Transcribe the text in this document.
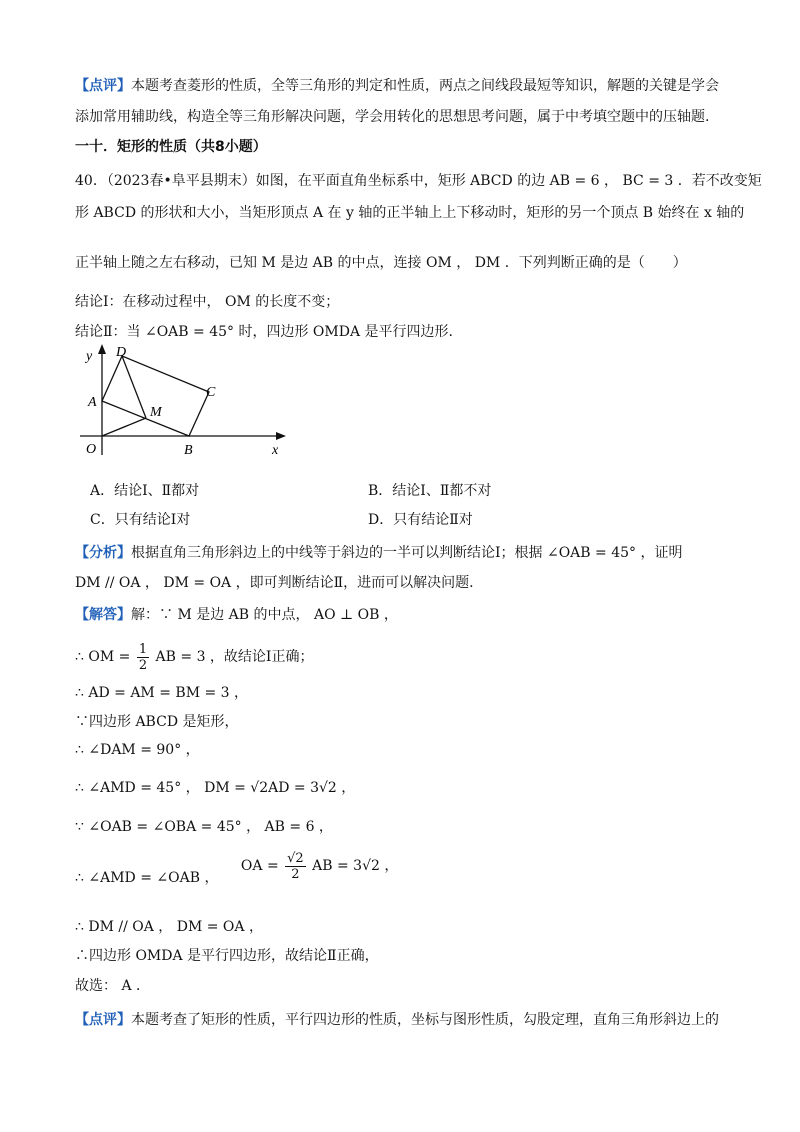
【点评】本题考查菱形的性质，全等三角形的判定和性质，两点之间线段最短等知识，解题的关键是学会
添加常用辅助线，构造全等三角形解决问题，学会用转化的思想思考问题，属于中考填空题中的压轴题.
一十．矩形的性质（共8小题）
40．（2023春•阜平县期末）如图，在平面直角坐标系中，矩形 ABCD 的边 AB = 6 ， BC = 3 ．若不改变矩
形 ABCD 的形状和大小，当矩形顶点 A 在 y 轴的正半轴上上下移动时，矩形的另一个顶点 B 始终在 x 轴的
正半轴上随之左右移动，已知 M 是边 AB 的中点，连接 OM ， DM ．下列判断正确的是（　　）
结论Ⅰ：在移动过程中， OM 的长度不变；
结论Ⅱ：当 ∠OAB = 45° 时，四边形 OMDA 是平行四边形.
y
x
O
A
B
C
D
M
A．结论Ⅰ、Ⅱ都对	B．结论Ⅰ、Ⅱ都不对
C．只有结论Ⅰ对	D．只有结论Ⅱ对
【分析】根据直角三角形斜边上的中线等于斜边的一半可以判断结论Ⅰ；根据 ∠OAB = 45° ，证明
DM // OA ， DM = OA ，即可判断结论Ⅱ，进而可以解决问题.
【解答】解：∵ M 是边 AB 的中点， AO ⊥ OB ，
∴ OM = $\frac{1}{2}$ AB = 3 ，故结论Ⅰ正确；
∴ AD = AM = BM = 3 ，
∵四边形 ABCD 是矩形，
∴ ∠DAM = 90° ，
∴ ∠AMD = 45° ， DM = √2AD = 3√2 ，
∵ ∠OAB = ∠OBA = 45° ， AB = 6 ，
∴ ∠AMD = ∠OAB ， OA = $\frac{√2}{2}$ AB = 3√2 ，
∴ DM // OA ， DM = OA ，
∴四边形 OMDA 是平行四边形，故结论Ⅱ正确，
故选： A ．
【点评】本题考查了矩形的性质，平行四边形的性质，坐标与图形性质，勾股定理，直角三角形斜边上的
